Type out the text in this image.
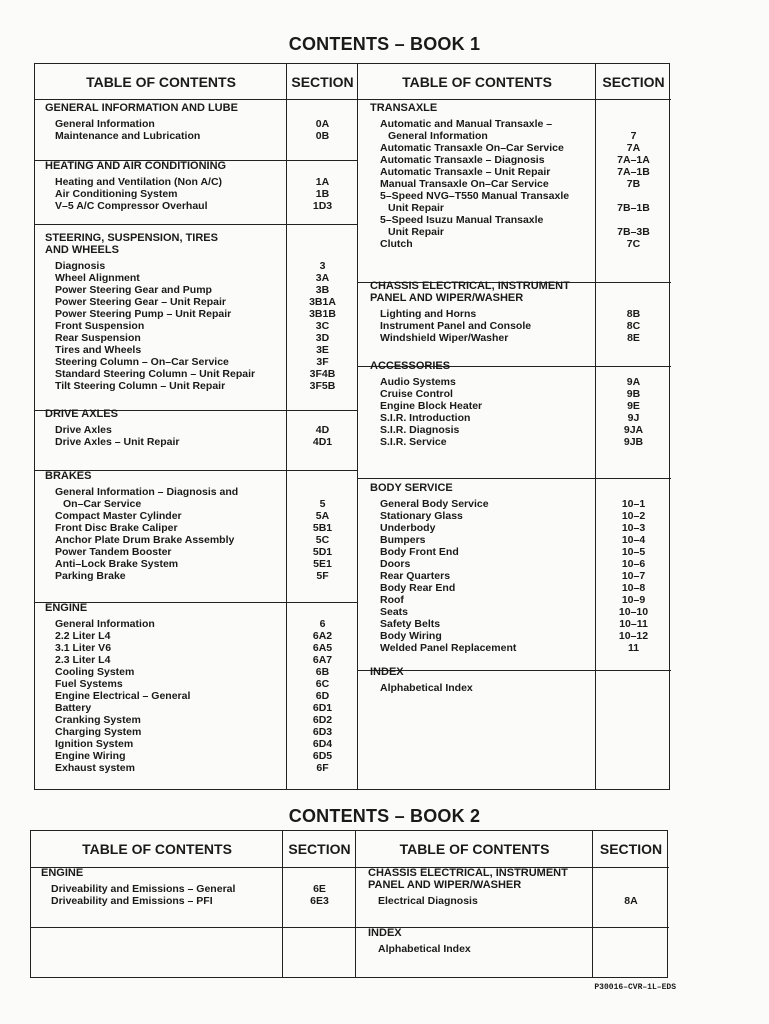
CONTENTS – BOOK 1
TABLE OF CONTENTS	SECTION	TABLE OF CONTENTS	SECTION
GENERAL INFORMATION AND LUBE
General Information	0A
Maintenance and Lubrication	0B
HEATING AND AIR CONDITIONING
Heating and Ventilation (Non A/C)	1A
Air Conditioning System	1B
V–5 A/C Compressor Overhaul	1D3
STEERING, SUSPENSION, TIRES
AND WHEELS
Diagnosis	3
Wheel Alignment	3A
Power Steering Gear and Pump	3B
Power Steering Gear – Unit Repair	3B1A
Power Steering Pump – Unit Repair	3B1B
Front Suspension	3C
Rear Suspension	3D
Tires and Wheels	3E
Steering Column – On–Car Service	3F
Standard Steering Column – Unit Repair	3F4B
Tilt Steering Column – Unit Repair	3F5B
DRIVE AXLES
Drive Axles	4D
Drive Axles – Unit Repair	4D1
BRAKES
General Information – Diagnosis and
On–Car Service	5
Compact Master Cylinder	5A
Front Disc Brake Caliper	5B1
Anchor Plate Drum Brake Assembly	5C
Power Tandem Booster	5D1
Anti–Lock Brake System	5E1
Parking Brake	5F
ENGINE
General Information	6
2.2 Liter L4	6A2
3.1 Liter V6	6A5
2.3 Liter L4	6A7
Cooling System	6B
Fuel Systems	6C
Engine Electrical – General	6D
Battery	6D1
Cranking System	6D2
Charging System	6D3
Ignition System	6D4
Engine Wiring	6D5
Exhaust system	6F
TRANSAXLE
Automatic and Manual Transaxle –
General Information	7
Automatic Transaxle On–Car Service	7A
Automatic Transaxle – Diagnosis	7A–1A
Automatic Transaxle – Unit Repair	7A–1B
Manual Transaxle On–Car Service	7B
5–Speed NVG–T550 Manual Transaxle
Unit Repair	7B–1B
5–Speed Isuzu Manual Transaxle
Unit Repair	7B–3B
Clutch	7C
CHASSIS ELECTRICAL, INSTRUMENT
PANEL AND WIPER/WASHER
Lighting and Horns	8B
Instrument Panel and Console	8C
Windshield Wiper/Washer	8E
ACCESSORIES
Audio Systems	9A
Cruise Control	9B
Engine Block Heater	9E
S.I.R. Introduction	9J
S.I.R. Diagnosis	9JA
S.I.R. Service	9JB
BODY SERVICE
General Body Service	10–1
Stationary Glass	10–2
Underbody	10–3
Bumpers	10–4
Body Front End	10–5
Doors	10–6
Rear Quarters	10–7
Body Rear End	10–8
Roof	10–9
Seats	10–10
Safety Belts	10–11
Body Wiring	10–12
Welded Panel Replacement	11
INDEX
Alphabetical Index
CONTENTS – BOOK 2
TABLE OF CONTENTS	SECTION	TABLE OF CONTENTS	SECTION
ENGINE
Driveability and Emissions – General	6E
Driveability and Emissions – PFI	6E3
CHASSIS ELECTRICAL, INSTRUMENT
PANEL AND WIPER/WASHER
Electrical Diagnosis	8A
INDEX
Alphabetical Index
P30016–CVR–1L–EDS
